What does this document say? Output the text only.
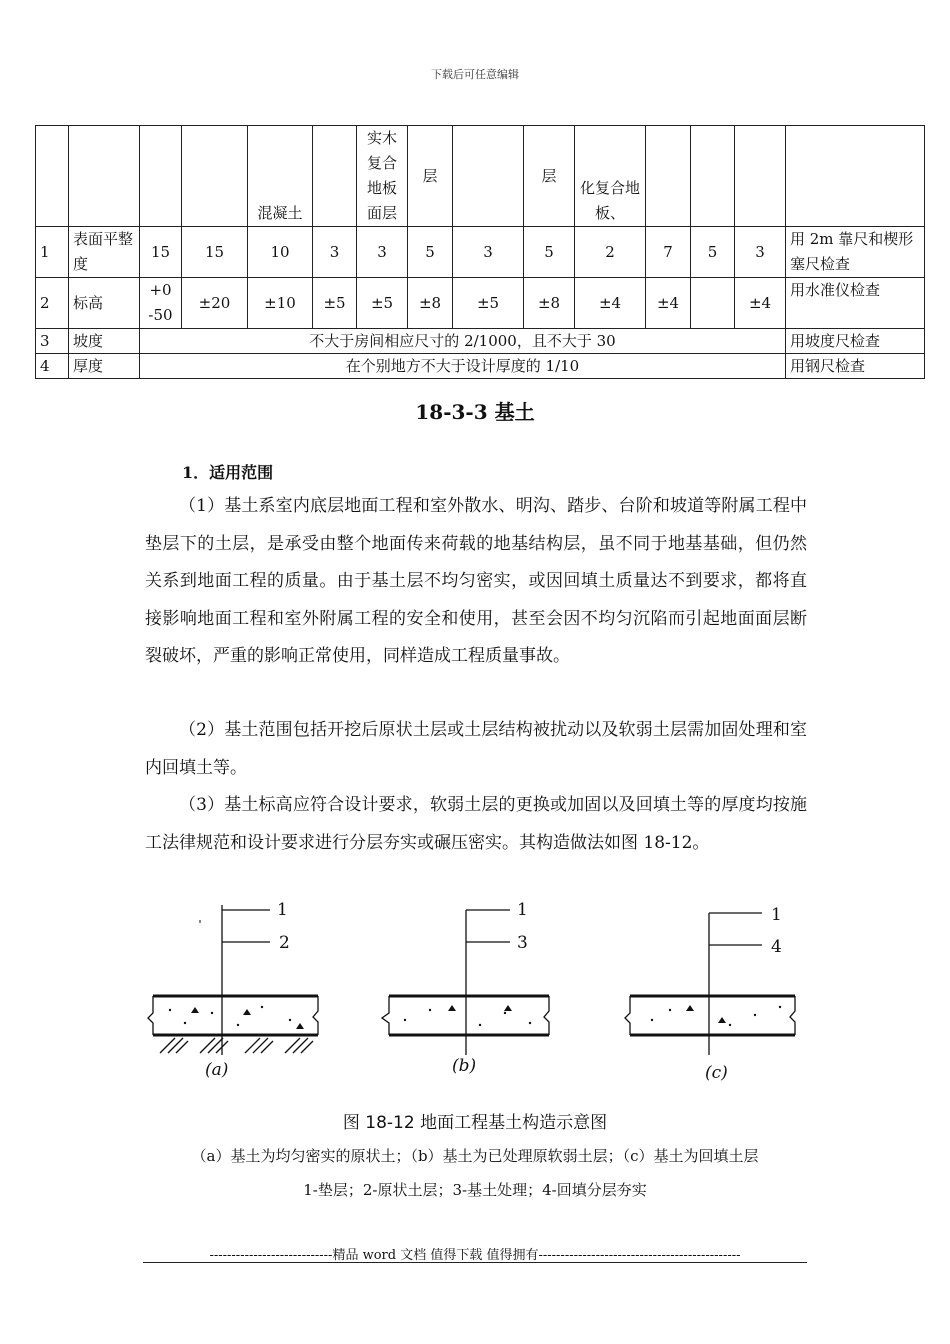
下载后可任意编辑
				混凝土		实木复合地板面层	层		层	化复合地板、				
1	表面平整度	15	15	10	3	3	5	3	5	2	7	5	3	用 2m 靠尺和楔形塞尺检查
2	标高	+0 -50	±20	±10	±5	±5	±8	±5	±8	±4	±4		±4	用水准仪检查
3	坡度	不大于房间相应尺寸的 2/1000，且不大于 30												用坡度尺检查
4	厚度	在个别地方不大于设计厚度的 1/10												用钢尺检查
18-3-3 基土
1．适用范围

（1）基土系室内底层地面工程和室外散水、明沟、踏步、台阶和坡道等附属工程中垫层下的土层，是承受由整个地面传来荷载的地基结构层，虽不同于地基基础，但仍然关系到地面工程的质量。由于基土层不均匀密实，或因回填土质量达不到要求，都将直接影响地面工程和室外附属工程的安全和使用，甚至会因不均匀沉陷而引起地面面层断裂破坏，严重的影响正常使用，同样造成工程质量事故。

（2）基土范围包括开挖后原状土层或土层结构被扰动以及软弱土层需加固处理和室内回填土等。

（3）基土标高应符合设计要求，软弱土层的更换或加固以及回填土等的厚度均按施工法律规范和设计要求进行分层夯实或碾压密实。其构造做法如图 18-12。

1
2
(a)
1
3
(b)
1
4
(c)
图 18-12 地面工程基土构造示意图
（a）基土为均匀密实的原状土；（b）基土为已处理原软弱土层；（c）基土为回填土层
1-垫层；2-原状土层；3-基土处理；4-回填分层夯实
----------------------------精品 word 文档 值得下载 值得拥有----------------------------------------------
